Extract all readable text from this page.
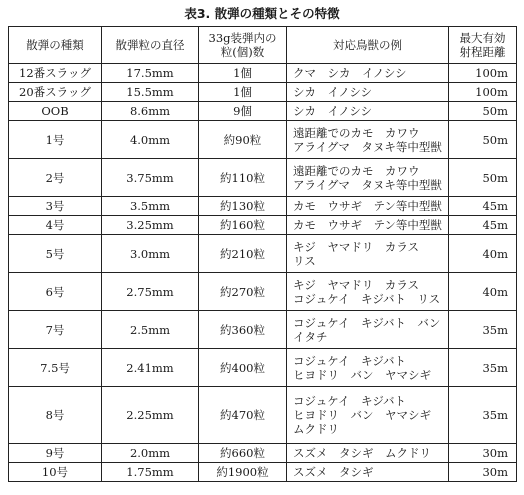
表3. 散弾の種類とその特徴
散弾の種類	散弾粒の直径	33g装弾内の
粒(個)数	対応鳥獣の例	最大有効
射程距離
12番スラッグ	17.5mm	1個	クマ　シカ　イノシシ	100m
20番スラッグ	15.5mm	1個	シカ　イノシシ	100m
OOB	8.6mm	9個	シカ　イノシシ	50m
1号	4.0mm	約90粒	遠距離でのカモ　カワウ
アライグマ　タヌキ等中型獣	50m
2号	3.75mm	約110粒	遠距離でのカモ　カワウ
アライグマ　タヌキ等中型獣	50m
3号	3.5mm	約130粒	カモ　ウサギ　テン等中型獣	45m
4号	3.25mm	約160粒	カモ　ウサギ　テン等中型獣	45m
5号	3.0mm	約210粒	キジ　ヤマドリ　カラス
リス	40m
6号	2.75mm	約270粒	キジ　ヤマドリ　カラス
コジュケイ　キジバト　リス	40m
7号	2.5mm	約360粒	コジュケイ　キジバト　バン
イタチ	35m
7.5号	2.41mm	約400粒	コジュケイ　キジバト
ヒヨドリ　バン　ヤマシギ	35m
8号	2.25mm	約470粒	コジュケイ　キジバト
ヒヨドリ　バン　ヤマシギ
ムクドリ	35m
9号	2.0mm	約660粒	スズメ　タシギ　ムクドリ	30m
10号	1.75mm	約1900粒	スズメ　タシギ	30m
